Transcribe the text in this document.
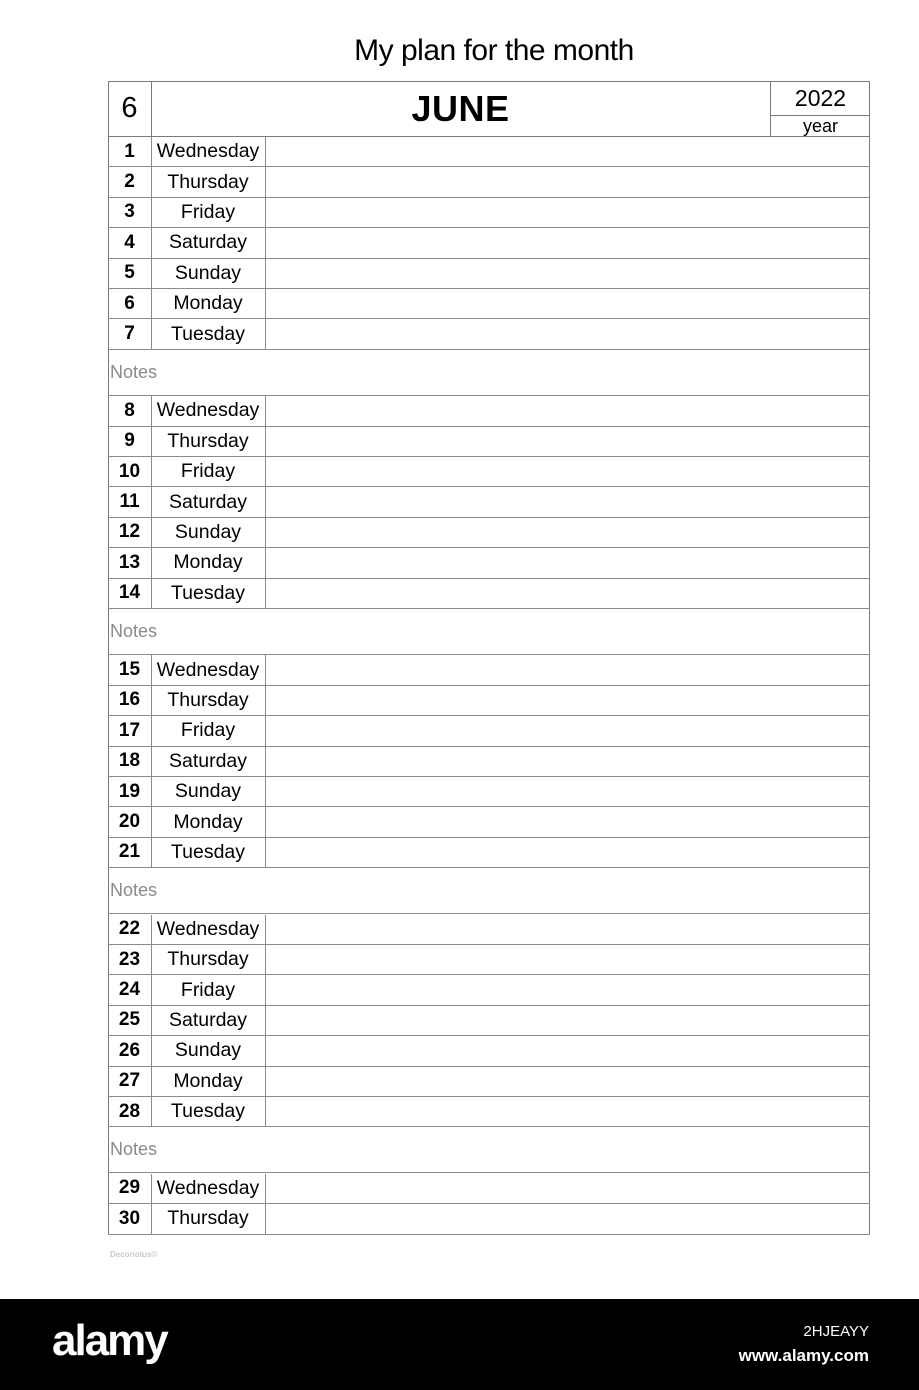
My plan for the month
6	JUNE	2022
year
1	Wednesday
2	Thursday
3	Friday
4	Saturday
5	Sunday
6	Monday
7	Tuesday
Notes
8	Wednesday
9	Thursday
10	Friday
11	Saturday
12	Sunday
13	Monday
14	Tuesday
Notes
15 Wednesday
16	Thursday
17	Friday
18	Saturday
19	Sunday
20	Monday
21	Tuesday
Notes
22 Wednesday
23	Thursday
24	Friday
25	Saturday
26	Sunday
27	Monday
28	Tuesday
Notes
29 Wednesday
30	Thursday
Decoriolus©
alamy	2HJEAYY
www.alamy.com
